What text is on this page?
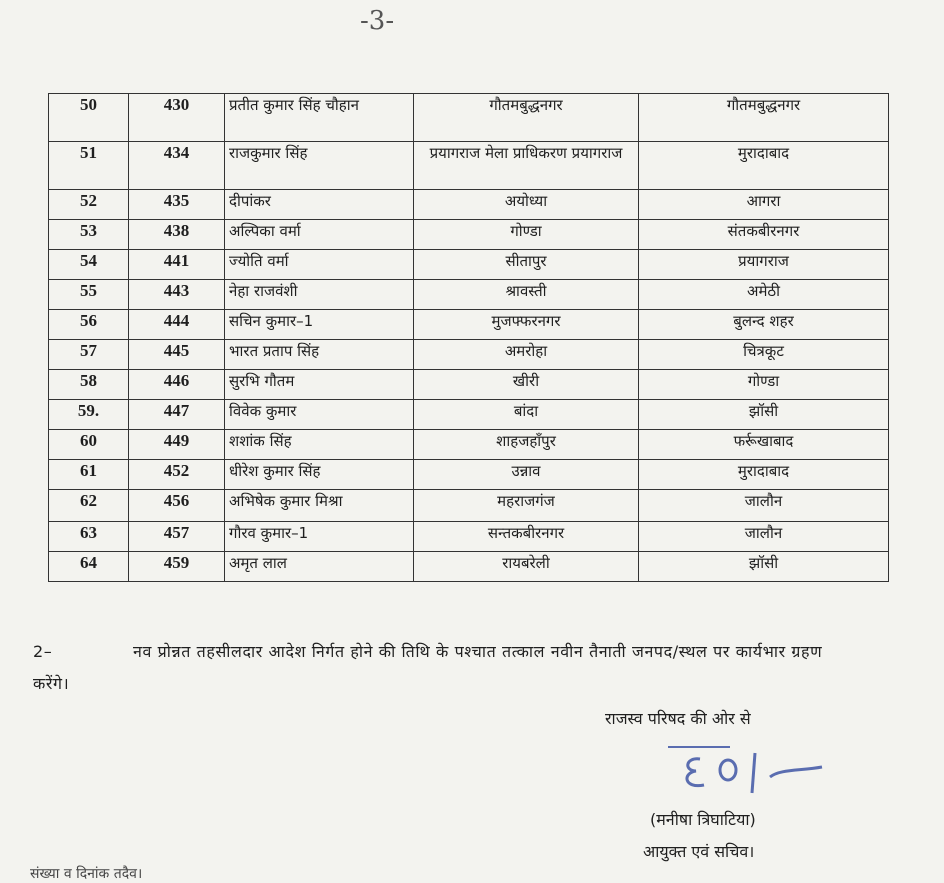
-3-
50	430	प्रतीत कुमार सिंह चौहान	गौतमबुद्धनगर	गौतमबुद्धनगर
51	434	राजकुमार सिंह	प्रयागराज मेला प्राधिकरण प्रयागराज	मुरादाबाद
52	435	दीपांकर	अयोध्या	आगरा
53	438	अल्पिका वर्मा	गोण्डा	संतकबीरनगर
54	441	ज्योति वर्मा	सीतापुर	प्रयागराज
55	443	नेहा राजवंशी	श्रावस्ती	अमेठी
56	444	सचिन कुमार–1	मुजफ्फरनगर	बुलन्द शहर
57	445	भारत प्रताप सिंह	अमरोहा	चित्रकूट
58	446	सुरभि गौतम	खीरी	गोण्डा
59.	447	विवेक कुमार	बांदा	झॉसी
60	449	शशांक सिंह	शाहजहाँपुर	फर्रूखाबाद
61	452	धीरेश कुमार सिंह	उन्नाव	मुरादाबाद
62	456	अभिषेक कुमार मिश्रा	महराजगंज	जालौन
63	457	गौरव कुमार–1	सन्तकबीरनगर	जालौन
64	459	अमृत लाल	रायबरेली	झॉसी
2–	नव प्रोन्नत तहसीलदार आदेश निर्गत होने की तिथि के पश्चात तत्काल नवीन तैनाती जनपद/स्थल पर कार्यभार ग्रहण करेंगे।
राजस्व परिषद की ओर से
(मनीषा त्रिघाटिया)
आयुक्त एवं सचिव।
संख्या व दिनांक तदैव।
